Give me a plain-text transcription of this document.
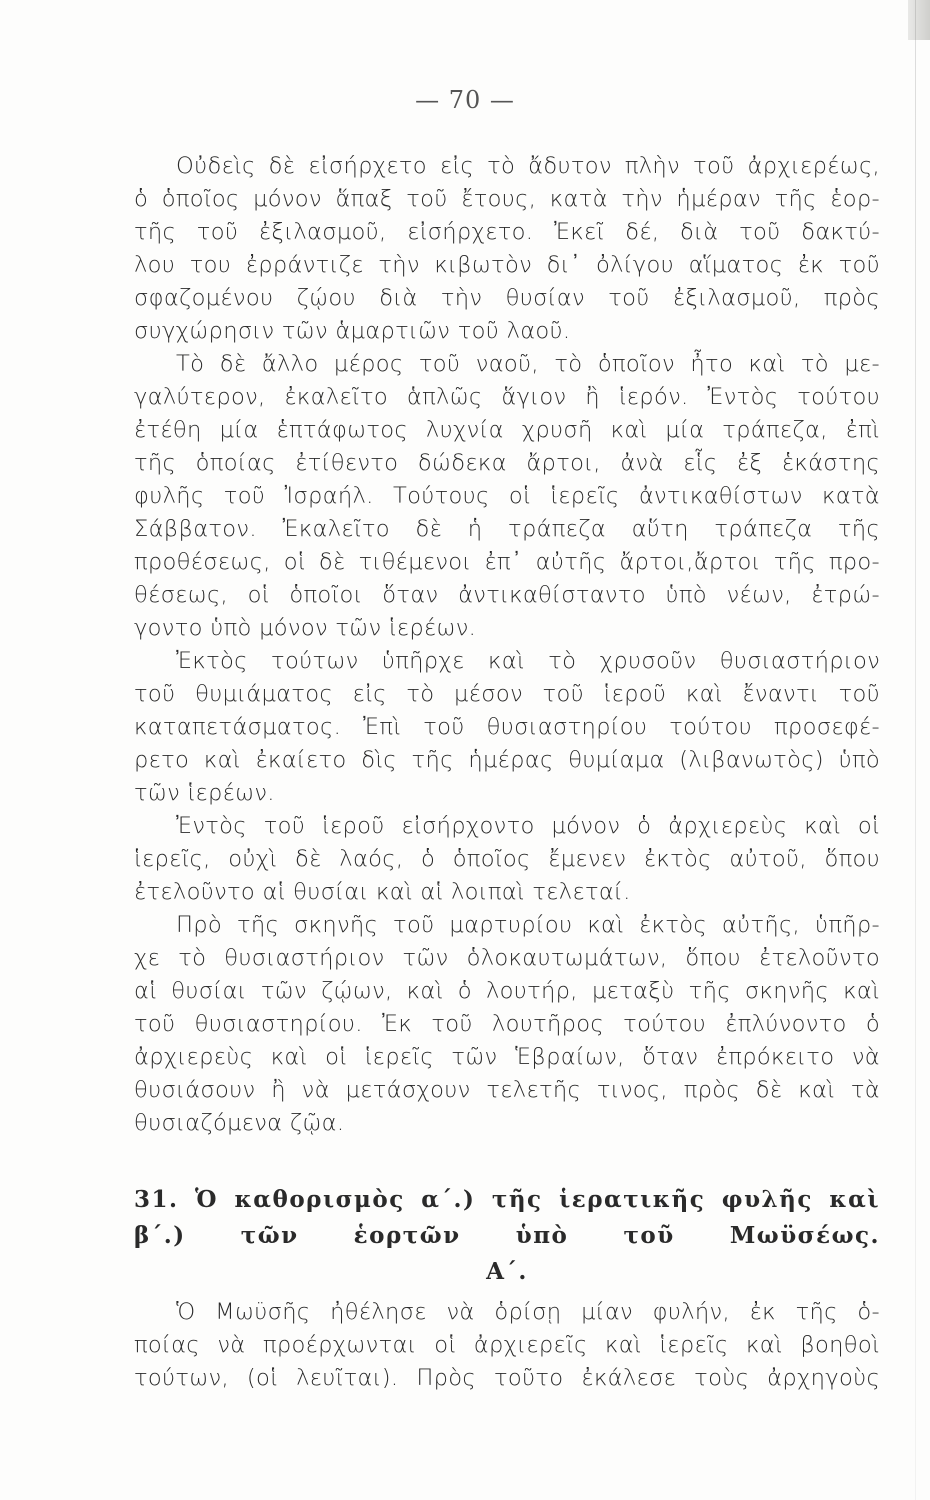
— 70 —
Οὐδεὶς δὲ εἰσήρχετο εἰς τὸ ἄδυτον πλὴν τοῦ ἀρχιερέως,
ὁ ὁποῖος μόνον ἅπαξ τοῦ ἔτους, κατὰ τὴν ἡμέραν τῆς ἑορ-
τῆς τοῦ ἐξιλασμοῦ, εἰσήρχετο. Ἐκεῖ δέ, διὰ τοῦ δακτύ-
λου του ἐρράντιζε τὴν κιβωτὸν δι᾿ ὀλίγου αἵματος ἐκ τοῦ
σφαζομένου ζῴου διὰ τὴν θυσίαν τοῦ ἐξιλασμοῦ, πρὸς
συγχώρησιν τῶν ἁμαρτιῶν τοῦ λαοῦ.
Τὸ δὲ ἄλλο μέρος τοῦ ναοῦ, τὸ ὁποῖον ἦτο καὶ τὸ με-
γαλύτερον, ἐκαλεῖτο ἁπλῶς ἅγιον ἢ ἱερόν. Ἐντὸς τούτου
ἐτέθη μία ἑπτάφωτος λυχνία χρυσῆ καὶ μία τράπεζα, ἐπὶ
τῆς ὁποίας ἐτίθεντο δώδεκα ἄρτοι, ἀνὰ εἷς ἐξ ἑκάστης
φυλῆς τοῦ Ἰσραήλ. Τούτους οἱ ἱερεῖς ἀντικαθίστων κατὰ
Σάββατον. Ἐκαλεῖτο δὲ ἡ τράπεζα αὕτη τράπεζα τῆς
προθέσεως, οἱ δὲ τιθέμενοι ἐπ᾿ αὐτῆς ἄρτοι,ἄρτοι τῆς προ-
θέσεως, οἱ ὁποῖοι ὅταν ἀντικαθίσταντο ὑπὸ νέων, ἐτρώ-
γοντο ὑπὸ μόνον τῶν ἱερέων.
Ἐκτὸς τούτων ὑπῆρχε καὶ τὸ χρυσοῦν θυσιαστήριον
τοῦ θυμιάματος εἰς τὸ μέσον τοῦ ἱεροῦ καὶ ἔναντι τοῦ
καταπετάσματος. Ἐπὶ τοῦ θυσιαστηρίου τούτου προσεφέ-
ρετο καὶ ἐκαίετο δὶς τῆς ἡμέρας θυμίαμα (λιβανωτὸς) ὑπὸ
τῶν ἱερέων.
Ἐντὸς τοῦ ἱεροῦ εἰσήρχοντο μόνον ὁ ἀρχιερεὺς καὶ οἱ
ἱερεῖς, οὐχὶ δὲ λαός, ὁ ὁποῖος ἔμενεν ἐκτὸς αὐτοῦ, ὅπου
ἐτελοῦντο αἱ θυσίαι καὶ αἱ λοιπαὶ τελεταί.
Πρὸ τῆς σκηνῆς τοῦ μαρτυρίου καὶ ἐκτὸς αὐτῆς, ὑπῆρ-
χε τὸ θυσιαστήριον τῶν ὁλοκαυτωμάτων, ὅπου ἐτελοῦντο
αἱ θυσίαι τῶν ζῴων, καὶ ὁ λουτήρ, μεταξὺ τῆς σκηνῆς καὶ
τοῦ θυσιαστηρίου. Ἐκ τοῦ λουτῆρος τούτου ἐπλύνοντο ὁ
ἀρχιερεὺς καὶ οἱ ἱερεῖς τῶν Ἑβραίων, ὅταν ἐπρόκειτο νὰ
θυσιάσουν ἢ νὰ μετάσχουν τελετῆς τινος, πρὸς δὲ καὶ τὰ
θυσιαζόμενα ζῷα.
31. Ὁ καθορισμὸς α΄.) τῆς ἱερατικῆς φυλῆς καὶ
β΄.) τῶν ἑορτῶν ὑπὸ τοῦ Μωϋσέως.
Α΄.
Ὁ Μωϋσῆς ἠθέλησε νὰ ὁρίσῃ μίαν φυλήν, ἐκ τῆς ὁ-
ποίας νὰ προέρχωνται οἱ ἀρχιερεῖς καὶ ἱερεῖς καὶ βοηθοὶ
τούτων, (οἱ λευῖται). Πρὸς τοῦτο ἐκάλεσε τοὺς ἀρχηγοὺς
